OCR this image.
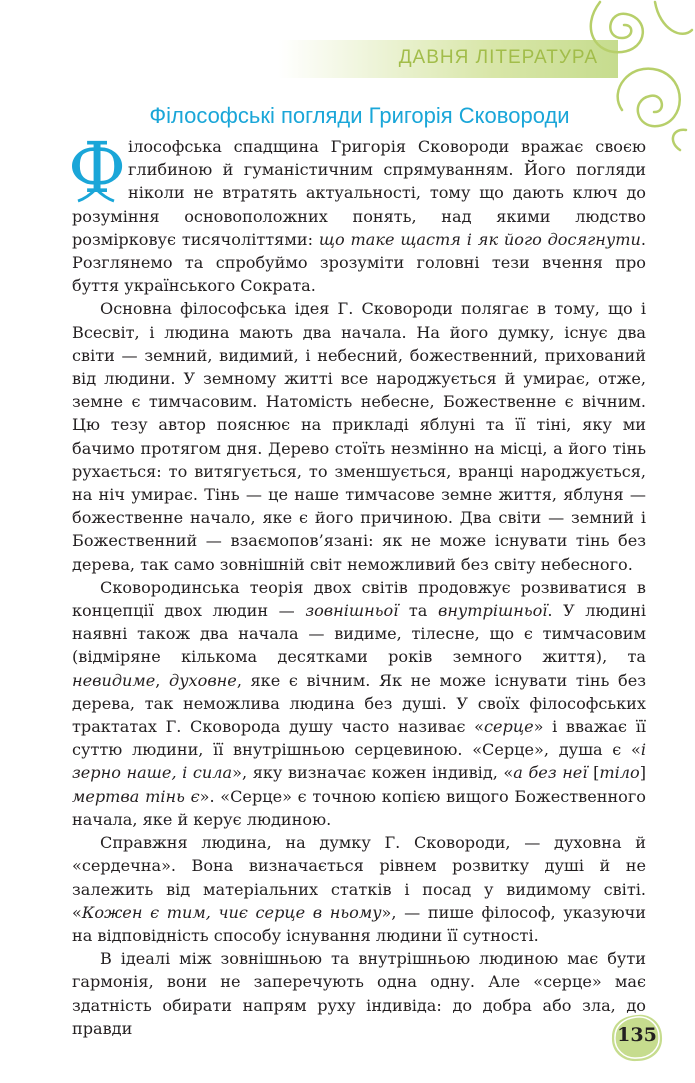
ДАВНЯ ЛІТЕРАТУРА
Філософські погляди Григорія Сковороди

Ф ілософська спадщина Григорія Сковороди вражає своєю глибиною й гуманістичним спрямуванням. Його погляди ніколи не втратять актуальності, тому що дають ключ до розуміння основоположних понять, над якими людство розмірковує тисячоліттями: що таке щастя і як його досягнути. Розглянемо та спробуймо зрозуміти головні тези вчення про буття українського Сократа.

Основна філософська ідея Г. Сковороди полягає в тому, що і Всесвіт, і людина мають два начала. На його думку, існує два світи — земний, видимий, і небесний, божественний, прихований від людини. У земному житті все народжується й умирає, отже, земне є тимчасовим. Натомість небесне, Божественне є вічним. Цю тезу автор пояснює на прикладі яблуні та її тіні, яку ми бачимо протягом дня. Дерево стоїть незмінно на місці, а його тінь рухається: то витягується, то зменшується, вранці народжується, на ніч умирає. Тінь — це наше тимчасове земне життя, яблуня — божественне начало, яке є його причиною. Два світи — земний і Божественний — взаємопов’язані: як не може існувати тінь без дерева, так само зовнішній світ неможливий без світу небесного.

Сковородинська теорія двох світів продовжує розвиватися в концепції двох людин — зовнішньої та внутрішньої. У людині наявні також два начала — видиме, тілесне, що є тимчасовим (відміряне кількома десятками років земного життя), та невидиме, духовне, яке є вічним. Як не може існувати тінь без дерева, так неможлива людина без душі. У своїх філософських трактатах Г. Сковорода душу часто називає «серце» і вважає її суттю людини, її внутрішньою серцевиною. «Серце», душа є «і зерно наше, і сила», яку визначає кожен індивід, «а без неї [тіло] мертва тінь є». «Серце» є точною копією вищого Божественного начала, яке й керує людиною.

Справжня людина, на думку Г. Сковороди, — духовна й «сердечна». Вона визначається рівнем розвитку душі й не залежить від матеріальних статків і посад у видимому світі. «Кожен є тим, чиє серце в ньому», — пише філософ, указуючи на відповідність способу існування людини її сутності.

В ідеалі між зовнішньою та внутрішньою людиною має бути гармонія, вони не заперечують одна одну. Але «серце» має здатність обирати напрям руху індивіда: до добра або зла, до правди	135
